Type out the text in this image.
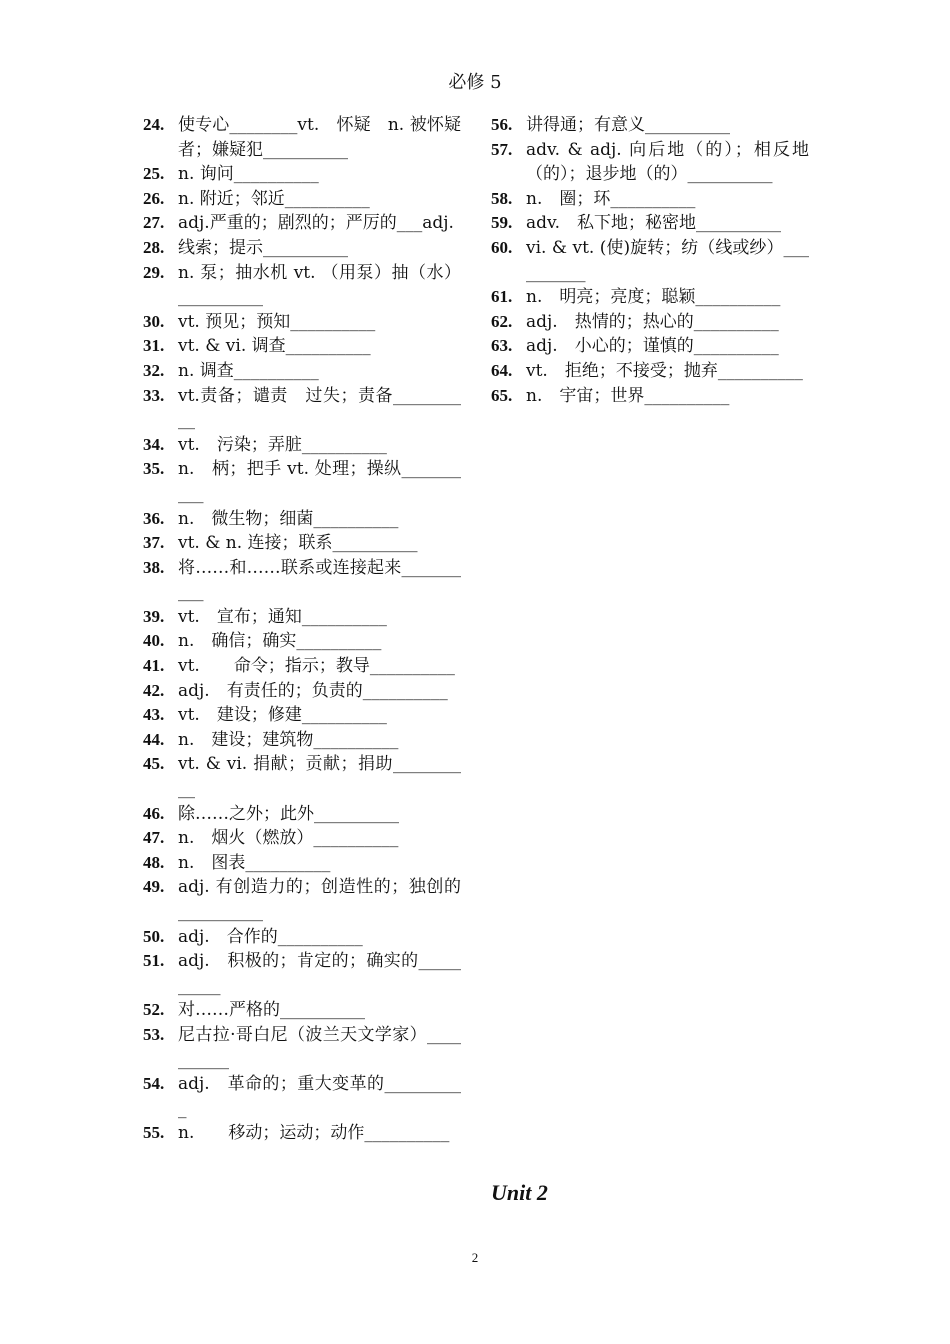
必修 5
24. 使专心________vt.　怀疑　n. 被怀疑者；嫌疑犯__________
25. n. 询问__________
26. n. 附近；邻近__________
27. adj.严重的；剧烈的；严厉的___adj.
28. 线索；提示__________
29. n. 泵；抽水机 vt. （用泵）抽（水）__________
30. vt. 预见；预知__________
31. vt. & vi. 调查__________
32. n. 调查__________
33. vt.责备；谴责　过失；责备__________
34. vt.　污染；弄脏__________
35. n.　柄；把手 vt. 处理；操纵__________
36. n.　微生物；细菌__________
37. vt. & n. 连接；联系__________
38. 将……和……联系或连接起来__________
39. vt.　宣布；通知__________
40. n.　确信；确实__________
41. vt.　　命令；指示；教导__________
42. adj.　有责任的；负责的__________
43. vt.　建设；修建__________
44. n.　建设；建筑物__________
45. vt. & vi. 捐献；贡献；捐助__________
46. 除……之外；此外__________
47. n.　烟火（燃放）__________
48. n.　图表__________
49. adj. 有创造力的；创造性的；独创的　__________
50. adj.　合作的__________
51. adj.　积极的；肯定的；确实的__________
52. 对……严格的__________
53. 尼古拉·哥白尼（波兰天文学家）__________
54. adj.　革命的；重大变革的__________
55. n.　　移动；运动；动作__________
56. 讲得通；有意义__________
57. adv. & adj. 向后地（的）；相反地（的）；退步地（的）__________
58. n.　圈；环__________
59. adv.　私下地；秘密地__________
60. vi. & vt. (使)旋转；纺（线或纱）__________
61. n.　明亮；亮度；聪颖__________
62. adj.　热情的；热心的__________
63. adj.　小心的；谨慎的__________
64. vt.　拒绝；不接受；抛弃__________
65. n.　宇宙；世界__________
Unit 2
2
